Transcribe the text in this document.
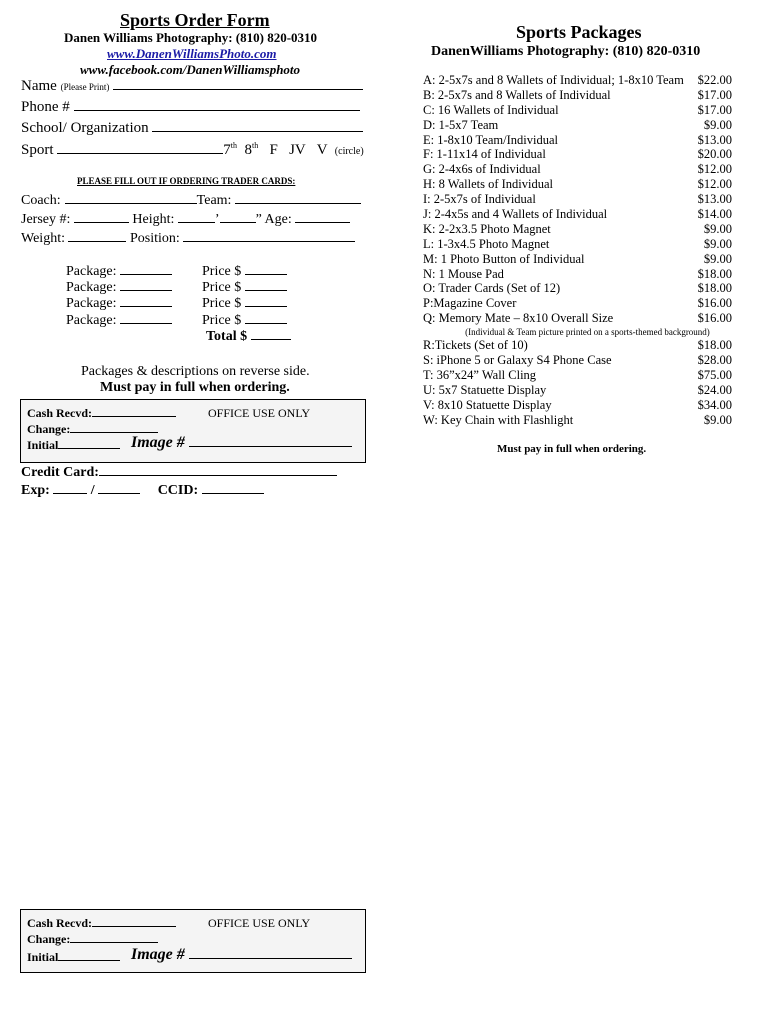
Sports Order Form
Danen Williams Photography: (810) 820-0310
www.DanenWilliamsPhoto.com
www.facebook.com/DanenWilliamsphoto
Name (Please Print)
Phone #
School/ Organization
Sport	7th 8th F JV V (circle)
PLEASE FILL OUT IF ORDERING TRADER CARDS:
Coach:	Team:
Jersey #:	Height:	’	” Age:
Weight:	Position:
Package:	Price $
Package:	Price $
Package:	Price $
Package:	Price $
Total $
Packages & descriptions on reverse side.
Must pay in full when ordering.
Cash Recvd:	OFFICE USE ONLY
Change:
Initial	Image #
Credit Card:
Exp:	/	CCID:
Cash Recvd:	OFFICE USE ONLY
Change:
Initial	Image #
Sports Packages
DanenWilliams Photography: (810) 820-0310
A: 2-5x7s and 8 Wallets of Individual; 1-8x10 Team $22.00
B: 2-5x7s and 8 Wallets of Individual	$17.00
C: 16 Wallets of Individual	$17.00
D: 1-5x7 Team	$9.00
E: 1-8x10 Team/Individual	$13.00
F: 1-11x14 of Individual	$20.00
G: 2-4x6s of Individual	$12.00
H: 8 Wallets of Individual	$12.00
I: 2-5x7s of Individual	$13.00
J: 2-4x5s and 4 Wallets of Individual	$14.00
K: 2-2x3.5 Photo Magnet	$9.00
L: 1-3x4.5 Photo Magnet	$9.00
M: 1 Photo Button of Individual	$9.00
N: 1 Mouse Pad	$18.00
O: Trader Cards (Set of 12)	$18.00
P:Magazine Cover	$16.00
Q: Memory Mate – 8x10 Overall Size	$16.00
(Individual & Team picture printed on a sports-themed background)
R:Tickets (Set of 10)	$18.00
S: iPhone 5 or Galaxy S4 Phone Case	$28.00
T: 36”x24” Wall Cling	$75.00
U: 5x7 Statuette Display	$24.00
V: 8x10 Statuette Display	$34.00
W: Key Chain with Flashlight	$9.00
Must pay in full when ordering.
